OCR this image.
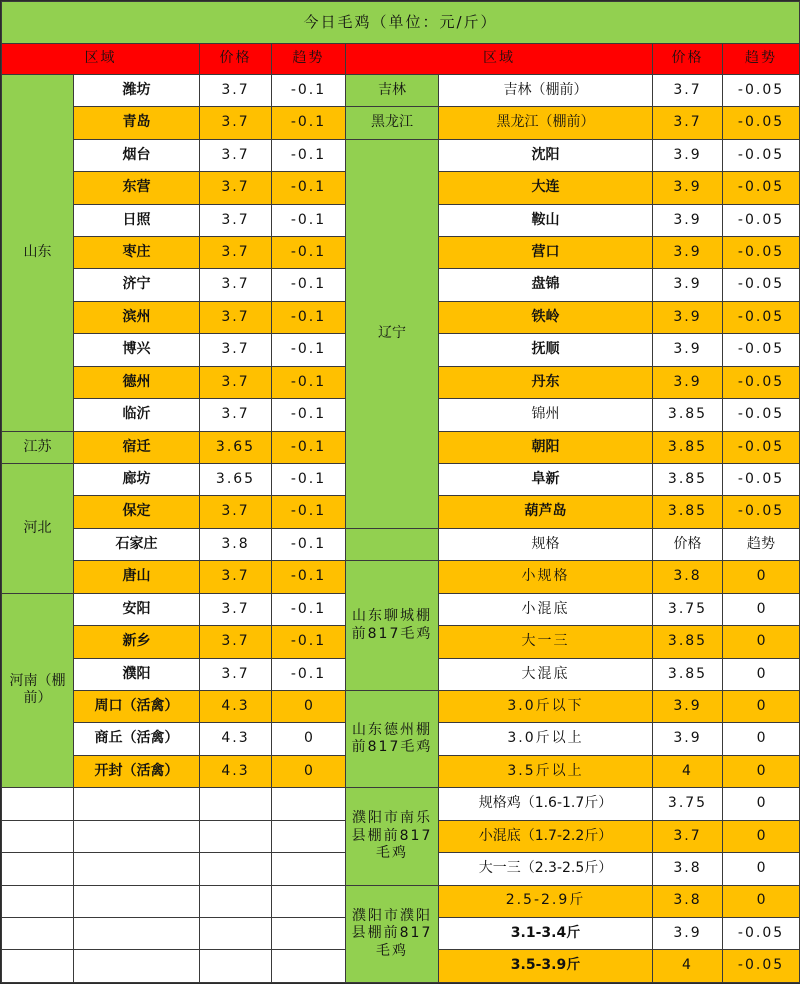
今日毛鸡（单位：元/斤）							
区域		价格	趋势	区域		价格	趋势
山东	潍坊	3.7	-0.1	吉林	吉林（棚前）	3.7	-0.05
	青岛	3.7	-0.1	黑龙江	黑龙江（棚前）	3.7	-0.05
	烟台	3.7	-0.1	辽宁	沈阳	3.9	-0.05
	东营	3.7	-0.1		大连	3.9	-0.05
	日照	3.7	-0.1		鞍山	3.9	-0.05
	枣庄	3.7	-0.1		营口	3.9	-0.05
	济宁	3.7	-0.1		盘锦	3.9	-0.05
	滨州	3.7	-0.1		铁岭	3.9	-0.05
	博兴	3.7	-0.1		抚顺	3.9	-0.05
	德州	3.7	-0.1		丹东	3.9	-0.05
	临沂	3.7	-0.1		锦州	3.85	-0.05
江苏	宿迁	3.65	-0.1		朝阳	3.85	-0.05
河北	廊坊	3.65	-0.1		阜新	3.85	-0.05
	保定	3.7	-0.1		葫芦岛	3.85	-0.05
	石家庄	3.8	-0.1		规格	价格	趋势
	唐山	3.7	-0.1	山东聊城棚前817毛鸡	小规格	3.8	0
河南（棚前）	安阳	3.7	-0.1		小混底	3.75	0
	新乡	3.7	-0.1		大一三	3.85	0
	濮阳	3.7	-0.1		大混底	3.85	0
	周口（活禽）	4.3	0	山东德州棚前817毛鸡	3.0斤以下	3.9	0
	商丘（活禽）	4.3	0		3.0斤以上	3.9	0
	开封（活禽）	4.3	0		3.5斤以上	4	0
				濮阳市南乐县棚前817毛鸡	规格鸡（1.6-1.7斤）	3.75	0
					小混底（1.7-2.2斤）	3.7	0
					大一三（2.3-2.5斤）	3.8	0
				濮阳市濮阳县棚前817毛鸡	2.5-2.9斤	3.8	0
					3.1-3.4斤	3.9	-0.05
					3.5-3.9斤	4	-0.05
